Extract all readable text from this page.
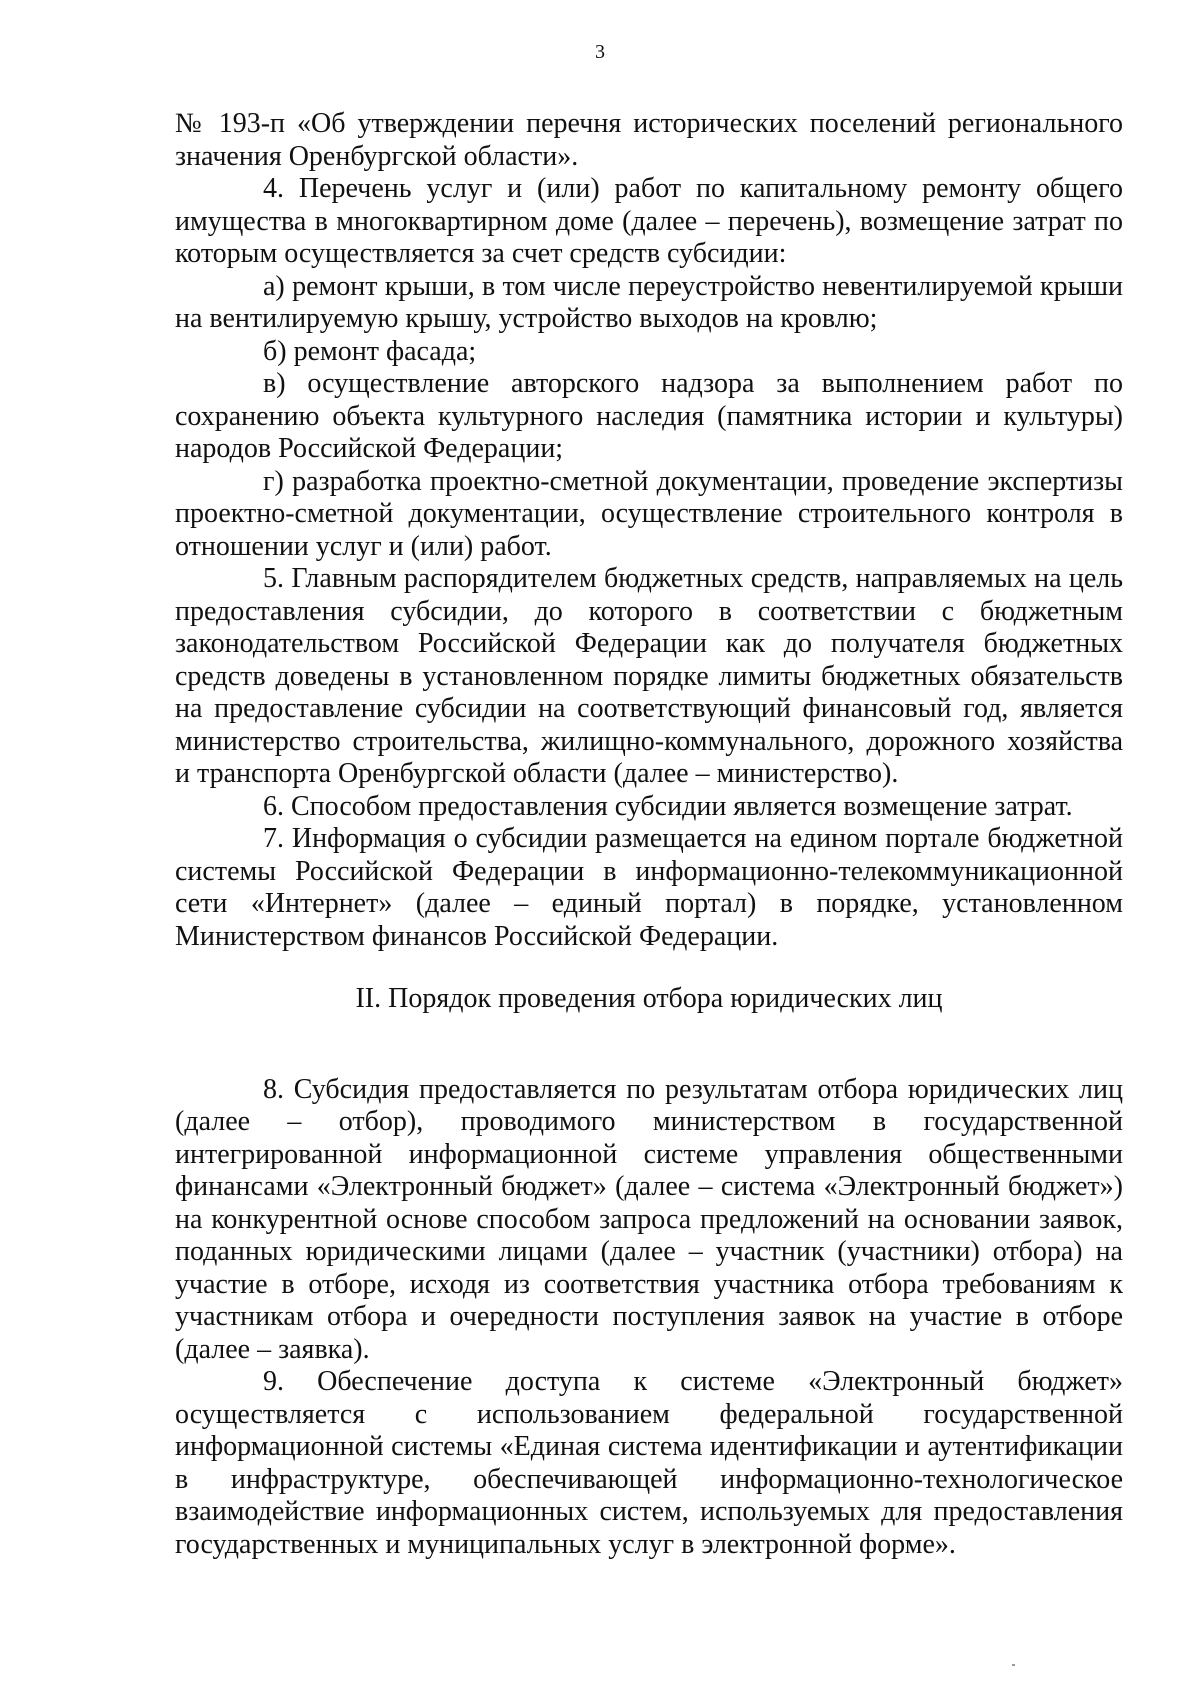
3

№ 193-п «Об утверждении перечня исторических поселений регионального значения Оренбургской области».

4. Перечень услуг и (или) работ по капитальному ремонту общего имущества в многоквартирном доме (далее – перечень), возмещение затрат по которым осуществляется за счет средств субсидии:

а) ремонт крыши, в том числе переустройство невентилируемой крыши на вентилируемую крышу, устройство выходов на кровлю;

б) ремонт фасада;

в) осуществление авторского надзора за выполнением работ по сохранению объекта культурного наследия (памятника истории и культуры) народов Российской Федерации;

г) разработка проектно-сметной документации, проведение экспертизы проектно-сметной документации, осуществление строительного контроля в отношении услуг и (или) работ.

5. Главным распорядителем бюджетных средств, направляемых на цель предоставления субсидии, до которого в соответствии с бюджетным законодательством Российской Федерации как до получателя бюджетных средств доведены в установленном порядке лимиты бюджетных обязательств на предоставление субсидии на соответствующий финансовый год, является министерство строительства, жилищно-коммунального, дорожного хозяйства и транспорта Оренбургской области (далее – министерство).

6. Способом предоставления субсидии является возмещение затрат.

7. Информация о субсидии размещается на едином портале бюджетной системы Российской Федерации в информационно-телекоммуникационной сети «Интернет» (далее – единый портал) в порядке, установленном Министерством финансов Российской Федерации.

II. Порядок проведения отбора юридических лиц

8. Субсидия предоставляется по результатам отбора юридических лиц (далее – отбор), проводимого министерством в государственной интегрированной информационной системе управления общественными финансами «Электронный бюджет» (далее – система «Электронный бюджет») на конкурентной основе способом запроса предложений на основании заявок, поданных юридическими лицами (далее – участник (участники) отбора) на участие в отборе, исходя из соответствия участника отбора требованиям к участникам отбора и очередности поступления заявок на участие в отборе (далее – заявка).

9. Обеспечение доступа к системе «Электронный бюджет» осуществляется с использованием федеральной государственной информационной системы «Единая система идентификации и аутентификации в инфраструктуре, обеспечивающей информационно-технологическое взаимодействие информационных систем, используемых для предоставления государственных и муниципальных услуг в электронной форме».
